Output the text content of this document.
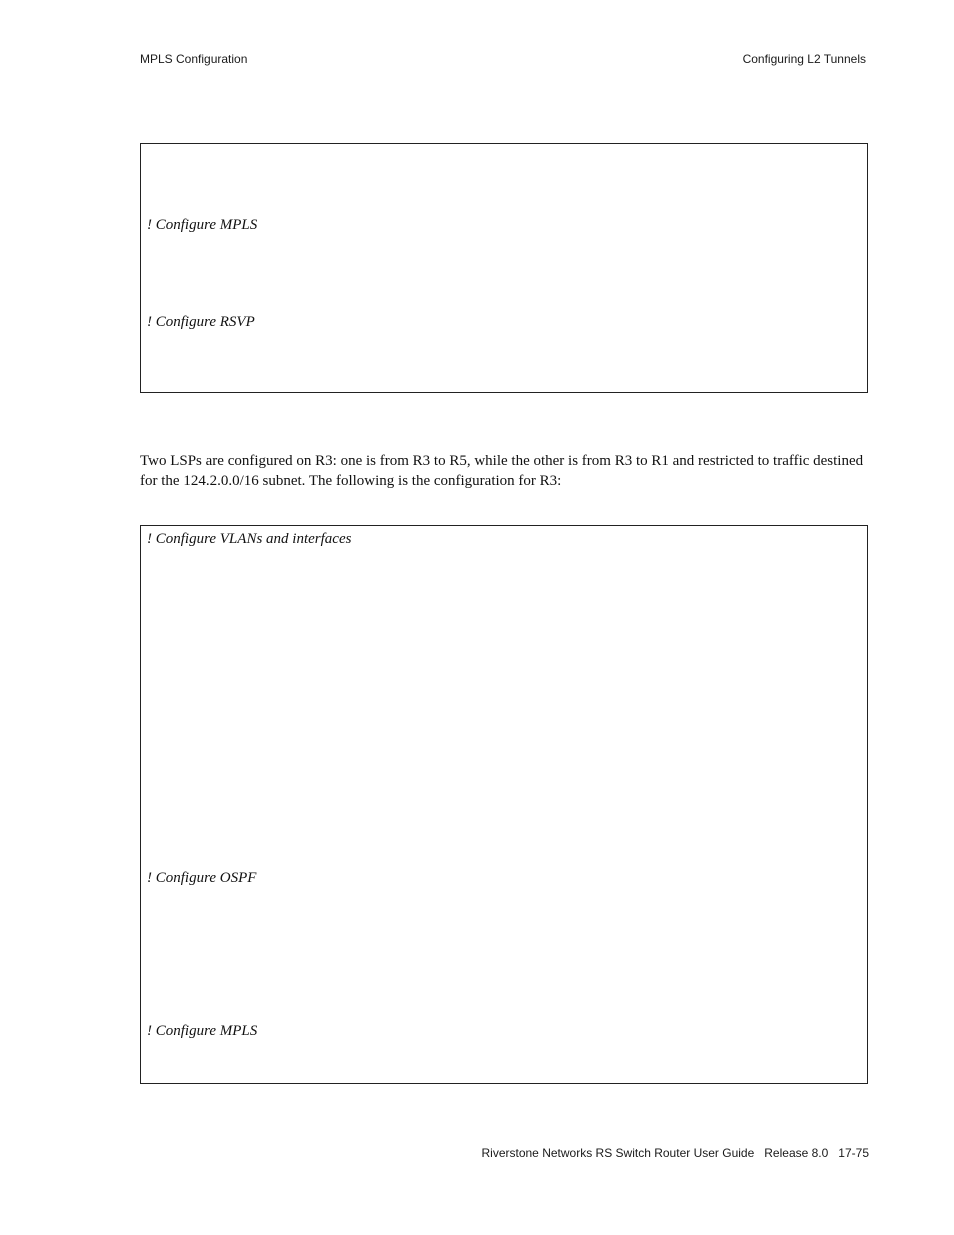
MPLS Configuration	Configuring L2 Tunnels
! Configure MPLS
! Configure RSVP

Two LSPs are configured on R3: one is from R3 to R5, while the other is from R3 to R1 and restricted to traffic destined for the 124.2.0.0/16 subnet. The following is the configuration for R3:

! Configure VLANs and interfaces
! Configure OSPF
! Configure MPLS
Riverstone Networks RS Switch Router User Guide   Release 8.0   17-75
